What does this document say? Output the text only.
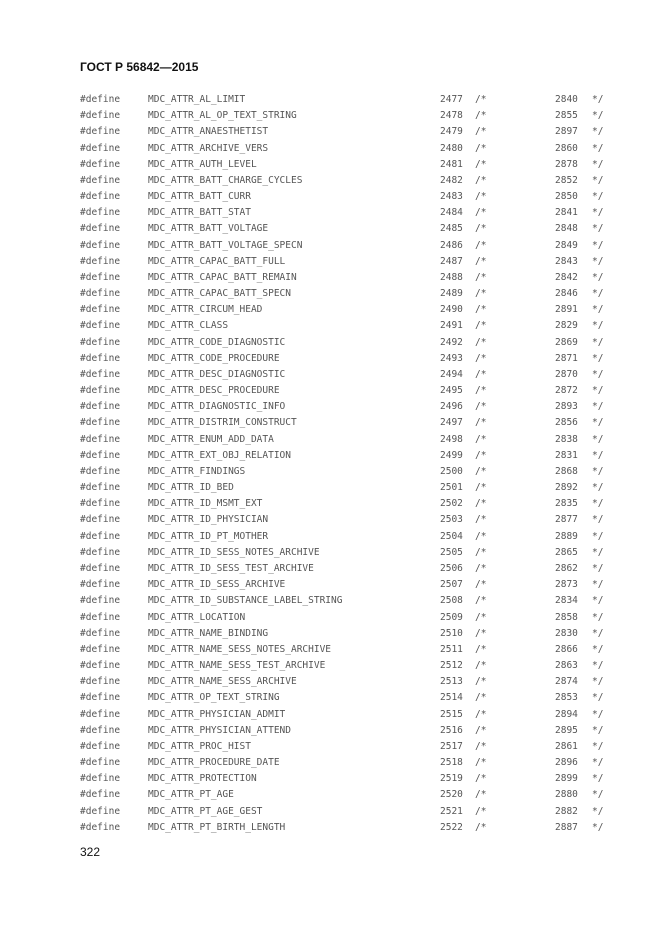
ГОСТ Р 56842—2015
#define	MDC_ATTR_AL_LIMIT	2477 /*	2840 */
#define	MDC_ATTR_AL_OP_TEXT_STRING	2478 /*	2855 */
#define	MDC_ATTR_ANAESTHETIST	2479 /*	2897 */
#define	MDC_ATTR_ARCHIVE_VERS	2480 /*	2860 */
#define	MDC_ATTR_AUTH_LEVEL	2481 /*	2878 */
#define	MDC_ATTR_BATT_CHARGE_CYCLES	2482 /*	2852 */
#define	MDC_ATTR_BATT_CURR	2483 /*	2850 */
#define	MDC_ATTR_BATT_STAT	2484 /*	2841 */
#define	MDC_ATTR_BATT_VOLTAGE	2485 /*	2848 */
#define	MDC_ATTR_BATT_VOLTAGE_SPECN	2486 /*	2849 */
#define	MDC_ATTR_CAPAC_BATT_FULL	2487 /*	2843 */
#define	MDC_ATTR_CAPAC_BATT_REMAIN	2488 /*	2842 */
#define	MDC_ATTR_CAPAC_BATT_SPECN	2489 /*	2846 */
#define	MDC_ATTR_CIRCUM_HEAD	2490 /*	2891 */
#define	MDC_ATTR_CLASS	2491 /*	2829 */
#define	MDC_ATTR_CODE_DIAGNOSTIC	2492 /*	2869 */
#define	MDC_ATTR_CODE_PROCEDURE	2493 /*	2871 */
#define	MDC_ATTR_DESC_DIAGNOSTIC	2494 /*	2870 */
#define	MDC_ATTR_DESC_PROCEDURE	2495 /*	2872 */
#define	MDC_ATTR_DIAGNOSTIC_INFO	2496 /*	2893 */
#define	MDC_ATTR_DISTRIM_CONSTRUCT	2497 /*	2856 */
#define	MDC_ATTR_ENUM_ADD_DATA	2498 /*	2838 */
#define	MDC_ATTR_EXT_OBJ_RELATION	2499 /*	2831 */
#define	MDC_ATTR_FINDINGS	2500 /*	2868 */
#define	MDC_ATTR_ID_BED	2501 /*	2892 */
#define	MDC_ATTR_ID_MSMT_EXT	2502 /*	2835 */
#define	MDC_ATTR_ID_PHYSICIAN	2503 /*	2877 */
#define	MDC_ATTR_ID_PT_MOTHER	2504 /*	2889 */
#define	MDC_ATTR_ID_SESS_NOTES_ARCHIVE	2505 /*	2865 */
#define	MDC_ATTR_ID_SESS_TEST_ARCHIVE	2506 /*	2862 */
#define	MDC_ATTR_ID_SESS_ARCHIVE	2507 /*	2873 */
#define	MDC_ATTR_ID_SUBSTANCE_LABEL_STRING	2508 /*	2834 */
#define	MDC_ATTR_LOCATION	2509 /*	2858 */
#define	MDC_ATTR_NAME_BINDING	2510 /*	2830 */
#define	MDC_ATTR_NAME_SESS_NOTES_ARCHIVE	2511 /*	2866 */
#define	MDC_ATTR_NAME_SESS_TEST_ARCHIVE	2512 /*	2863 */
#define	MDC_ATTR_NAME_SESS_ARCHIVE	2513 /*	2874 */
#define	MDC_ATTR_OP_TEXT_STRING	2514 /*	2853 */
#define	MDC_ATTR_PHYSICIAN_ADMIT	2515 /*	2894 */
#define	MDC_ATTR_PHYSICIAN_ATTEND	2516 /*	2895 */
#define	MDC_ATTR_PROC_HIST	2517 /*	2861 */
#define	MDC_ATTR_PROCEDURE_DATE	2518 /*	2896 */
#define	MDC_ATTR_PROTECTION	2519 /*	2899 */
#define	MDC_ATTR_PT_AGE	2520 /*	2880 */
#define	MDC_ATTR_PT_AGE_GEST	2521 /*	2882 */
#define	MDC_ATTR_PT_BIRTH_LENGTH	2522 /*	2887 */
322
